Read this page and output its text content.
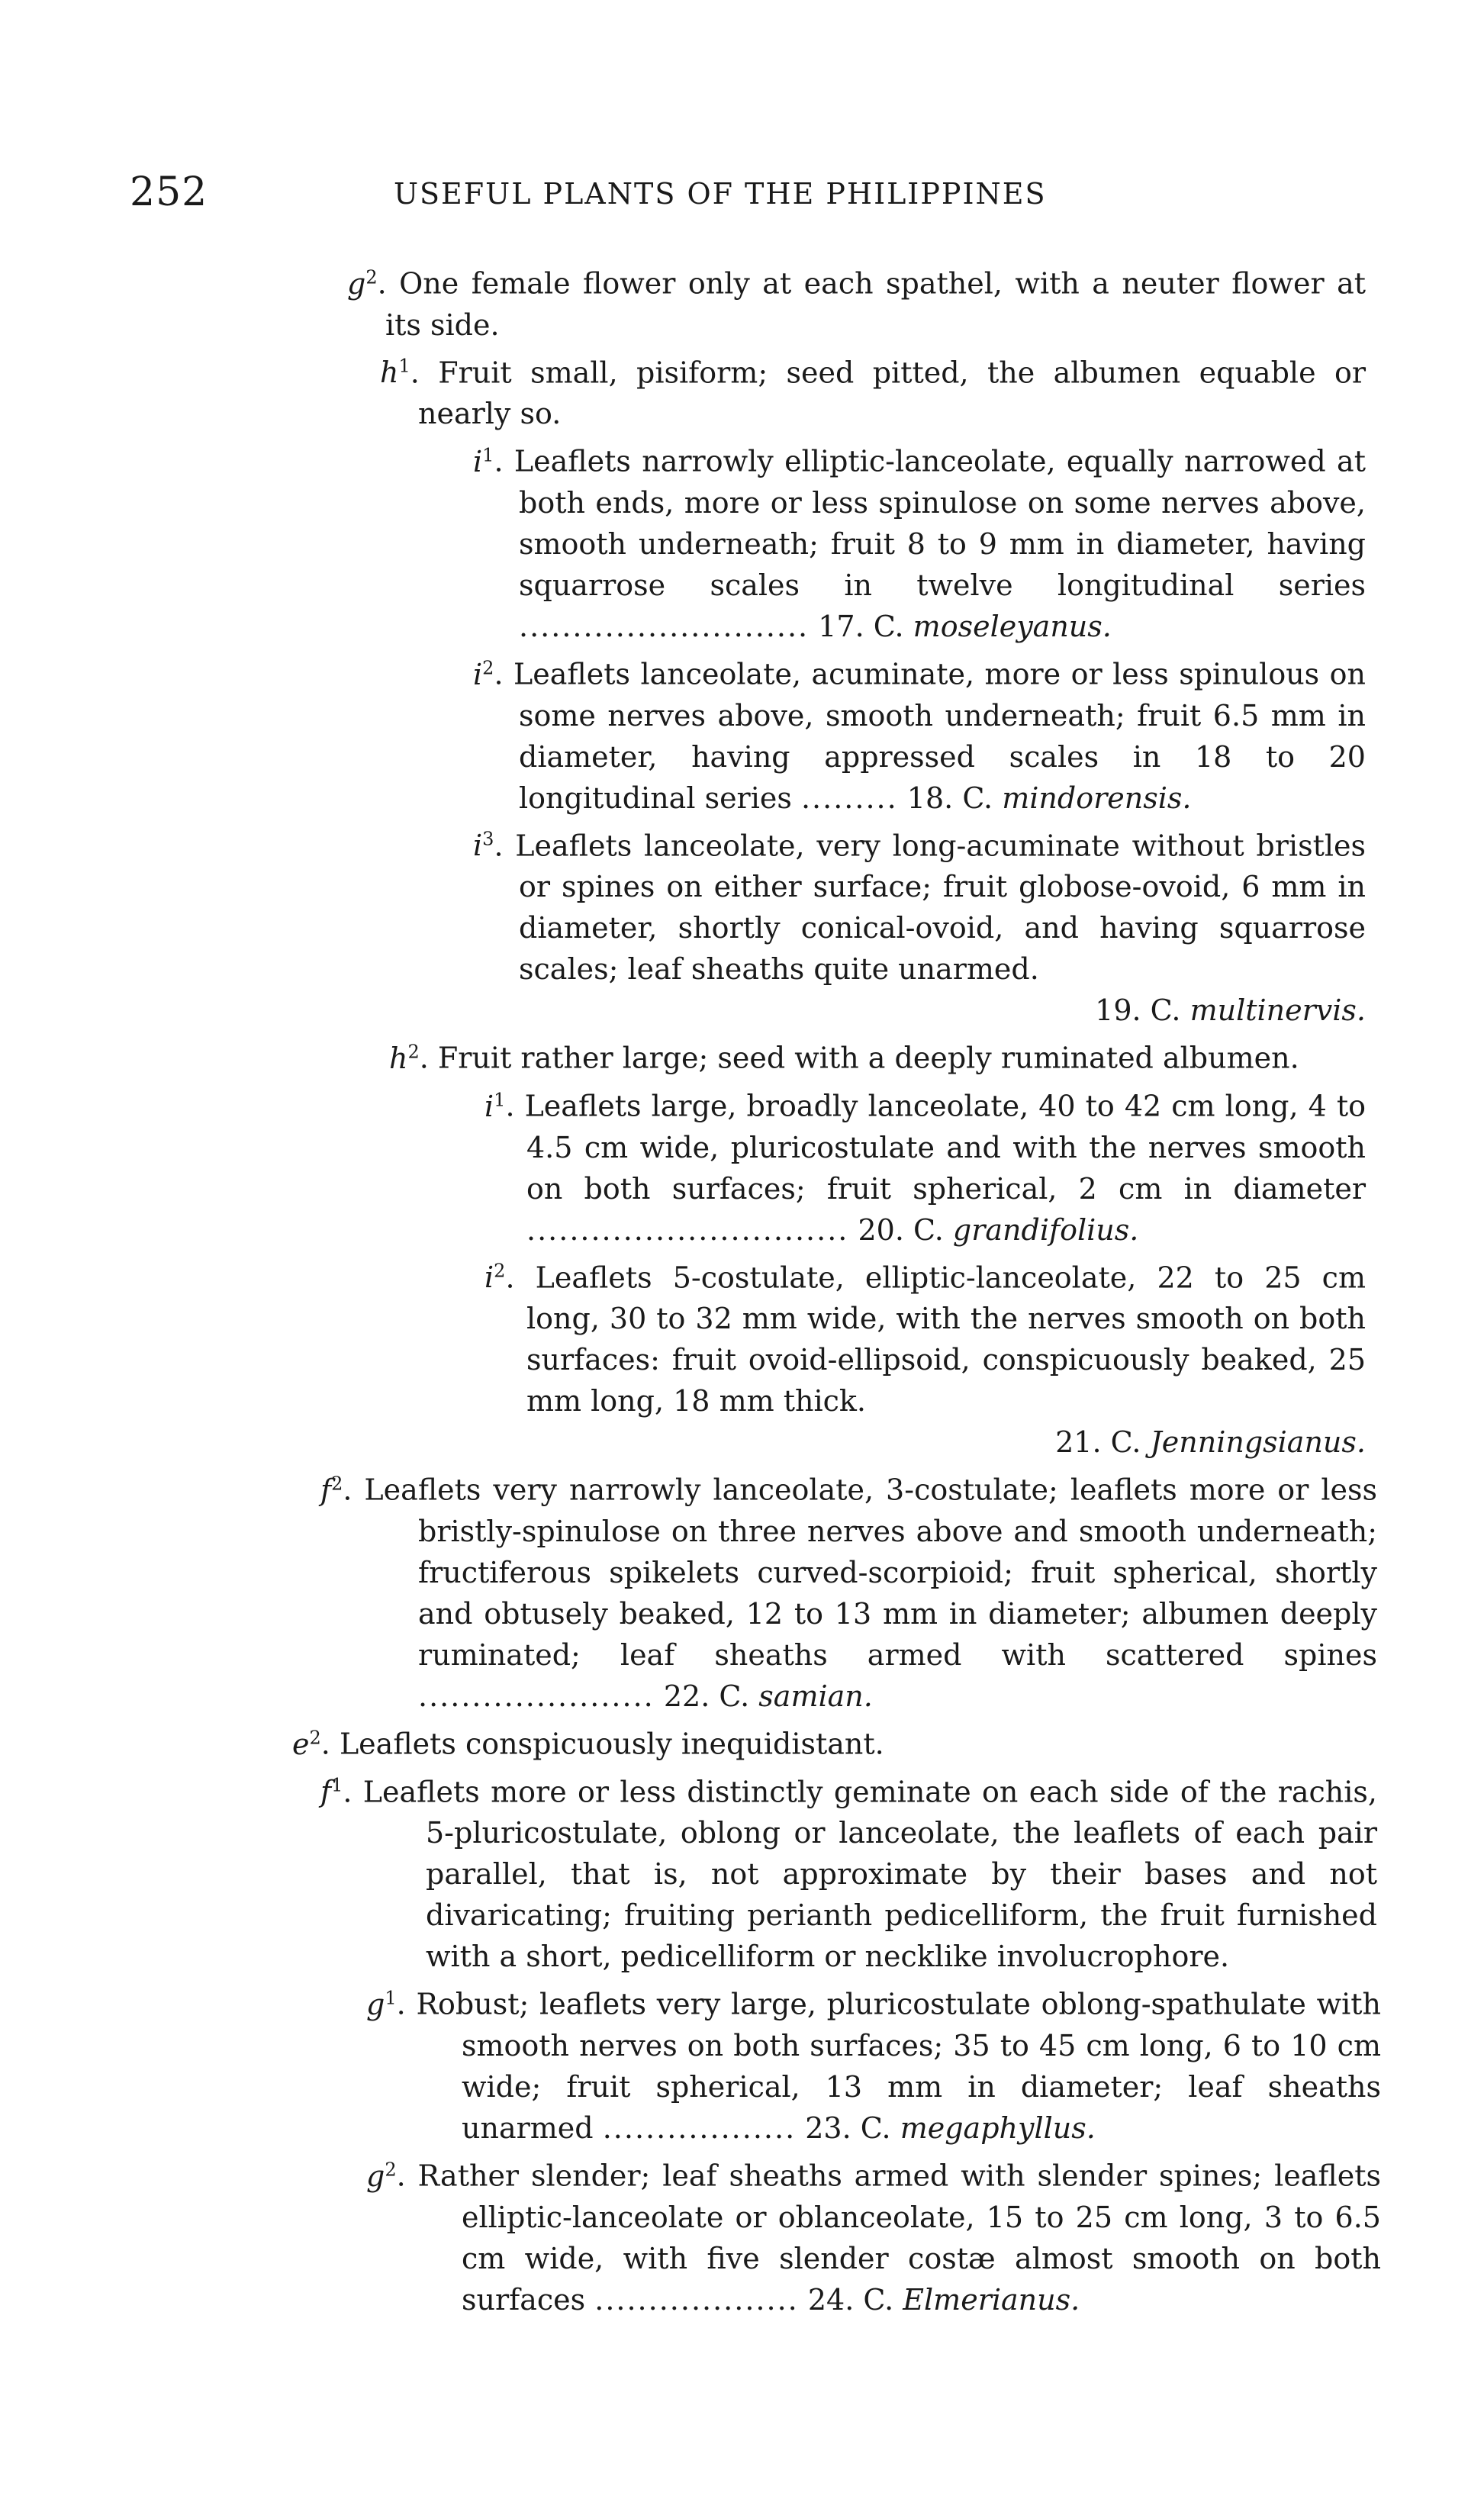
252	USEFUL PLANTS OF THE PHILIPPINES
$g^2$. One female flower only at each spathel, with a neuter flower at its side.
$h^1$. Fruit small, pisiform; seed pitted, the albumen equable or nearly so.
$i^1$. Leaflets narrowly elliptic-lanceolate, equally narrowed at both ends, more or less spinulose on some nerves above, smooth underneath; fruit 8 to 9 mm in diameter, having squarrose scales in twelve longitudinal series ........................... 17. C. moseleyanus.
$i^2$. Leaflets lanceolate, acuminate, more or less spinulous on some nerves above, smooth underneath; fruit 6.5 mm in diameter, having appressed scales in 18 to 20 longitudinal series ......... 18. C. mindorensis.
$i^3$. Leaflets lanceolate, very long-acuminate without bristles or spines on either surface; fruit globose-ovoid, 6 mm in diameter, shortly conical-ovoid, and having squarrose scales; leaf sheaths quite unarmed.
19. C. multinervis.
$h^2$. Fruit rather large; seed with a deeply ruminated albumen.
$i^1$. Leaflets large, broadly lanceolate, 40 to 42 cm long, 4 to 4.5 cm wide, pluricostulate and with the nerves smooth on both surfaces; fruit spherical, 2 cm in diameter .............................. 20. C. grandifolius.
$i^2$. Leaflets 5-costulate, elliptic-lanceolate, 22 to 25 cm long, 30 to 32 mm wide, with the nerves smooth on both surfaces: fruit ovoid-ellipsoid, conspicuously beaked, 25 mm long, 18 mm thick.
21. C. Jenningsianus.
$f^2$. Leaflets very narrowly lanceolate, 3-costulate; leaflets more or less bristly-spinulose on three nerves above and smooth underneath; fructiferous spikelets curved-scorpioid; fruit spherical, shortly and obtusely beaked, 12 to 13 mm in diameter; albumen deeply ruminated; leaf sheaths armed with scattered spines ...................... 22. C. samian.
$e^2$. Leaflets conspicuously inequidistant.
$f^1$. Leaflets more or less distinctly geminate on each side of the rachis, 5-pluricostulate, oblong or lanceolate, the leaflets of each pair parallel, that is, not approximate by their bases and not divaricating; fruiting perianth pedicelliform, the fruit furnished with a short, pedicelliform or necklike involucrophore.
$g^1$. Robust; leaflets very large, pluricostulate oblong-spathulate with smooth nerves on both surfaces; 35 to 45 cm long, 6 to 10 cm wide; fruit spherical, 13 mm in diameter; leaf sheaths unarmed .................. 23. C. megaphyllus.
$g^2$. Rather slender; leaf sheaths armed with slender spines; leaflets elliptic-lanceolate or oblanceolate, 15 to 25 cm long, 3 to 6.5 cm wide, with five slender costæ almost smooth on both surfaces ................... 24. C. Elmerianus.
